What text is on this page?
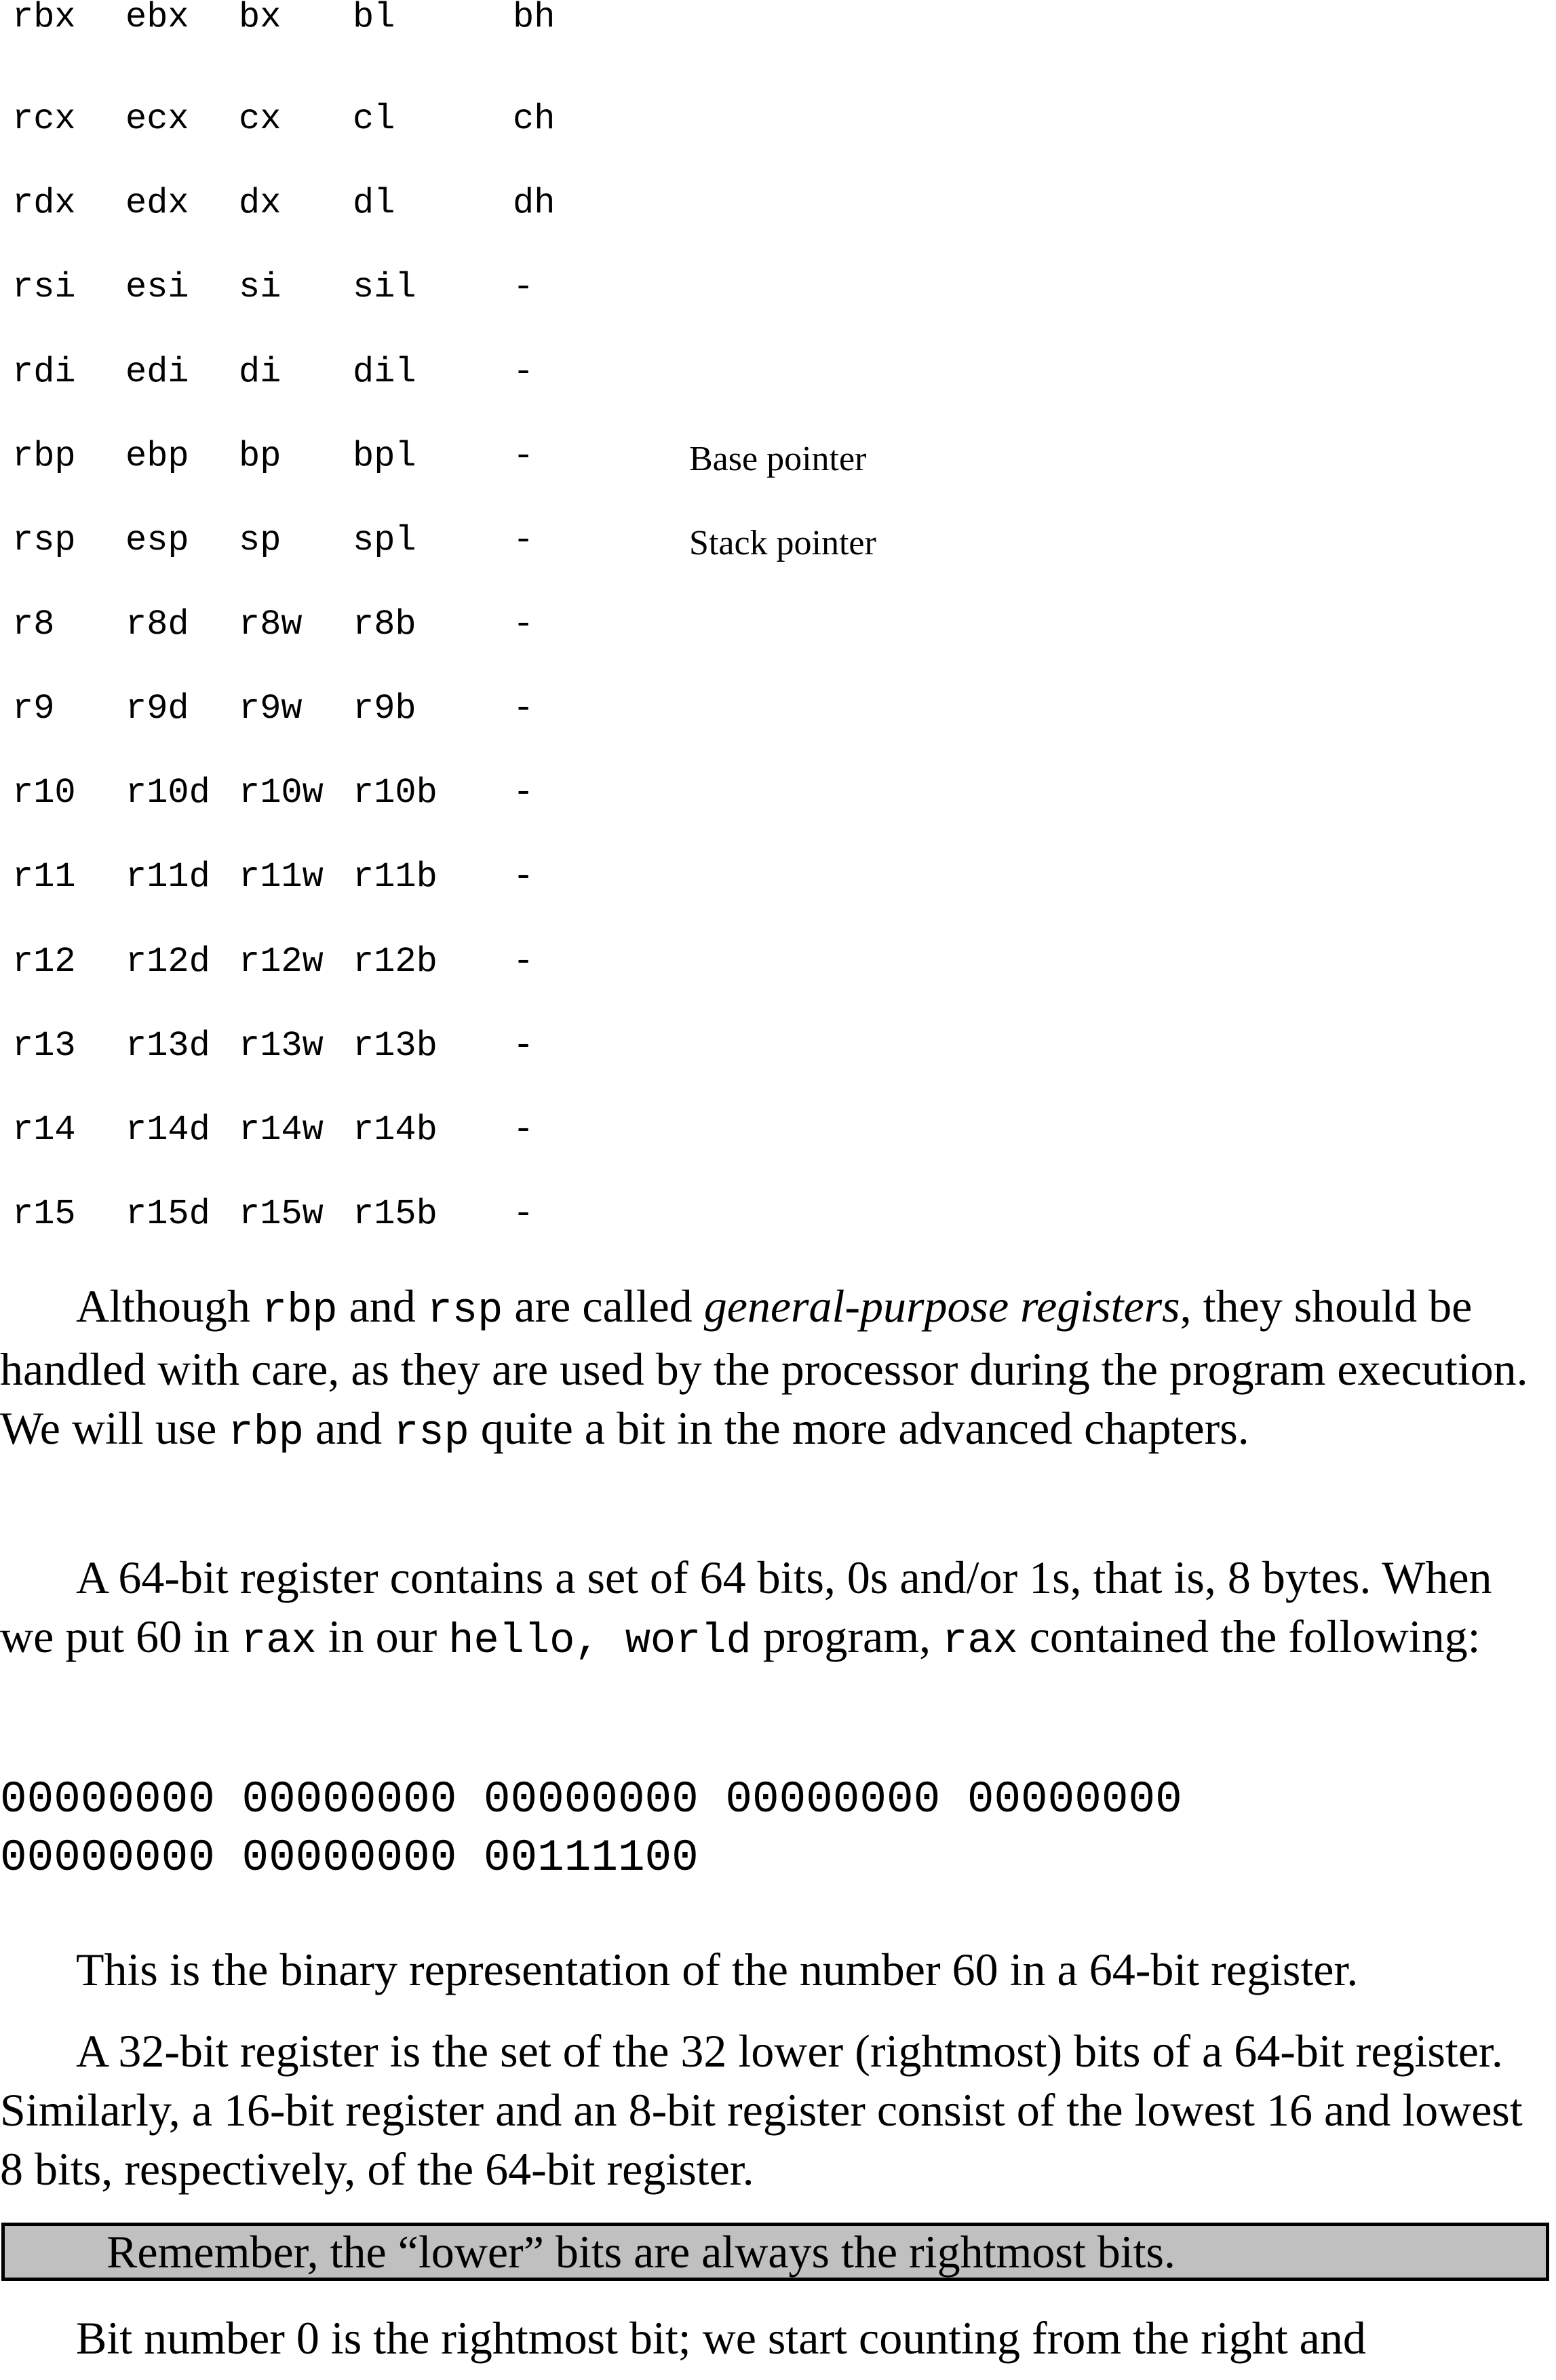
rbx ebx bx bl	bh
rcx ecx cx cl	ch
rdx edx dx dl	dh
rsi esi si sil	-
rdi edi di dil	-
rbp ebp bp bpl	-	Base pointer
rsp esp sp spl	-	Stack pointer
r8 r8d r8w r8b	-
r9 r9d r9w r9b	-
r10 r10d r10w r10b -
r11 r11d r11w r11b -
r12 r12d r12w r12b -
r13 r13d r13w r13b -
r14 r14d r14w r14b -
r15 r15d r15w r15b -

Although rbp and rsp are called general-purpose registers, they should be handled with care, as they are used by the processor during the program execution. We will use rbp and rsp quite a bit in the more advanced chapters.

A 64-bit register contains a set of 64 bits, 0s and/or 1s, that is, 8 bytes. When we put 60 in rax in our hello, world program, rax contained the following:

00000000 00000000 00000000 00000000 00000000
00000000 00000000 00111100

This is the binary representation of the number 60 in a 64-bit register.

A 32-bit register is the set of the 32 lower (rightmost) bits of a 64-bit register. Similarly, a 16-bit register and an 8-bit register consist of the lowest 16 and lowest 8 bits, respectively, of the 64-bit register.

Remember, the “lower” bits are always the rightmost bits.

Bit number 0 is the rightmost bit; we start counting from the right and
